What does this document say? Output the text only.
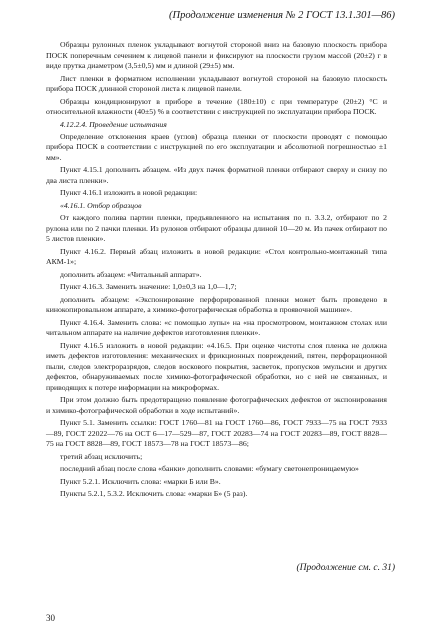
(Продолжение изменения № 2 ГОСТ 13.1.301—86)

Образцы рулонных пленок укладывают вогнутой стороной вниз на базовую плоскость прибора ПОСК поперечным сечением к лицевой панели и фиксируют на плоскости грузом массой (20±2) г в виде прутка диаметром (3,5±0,5) мм и длиной (29±5) мм.

Лист пленки в форматном исполнении укладывают вогнутой стороной на базовую плоскость прибора ПОСК длинной стороной листа к лицевой панели.

Образцы кондиционируют в приборе в течение (180±10) с при температуре (20±2) °С и относительной влажности (40±5) % в соответствии с инструкцией по эксплуатации прибора ПОСК.

4.12.2.4. Проведение испытания

Определение отклонения краев (углов) образца пленки от плоскости проводят с помощью прибора ПОСК в соответствии с инструкцией по его эксплуатации и абсолютной погрешностью ±1 мм».

Пункт 4.15.1 дополнить абзацем. «Из двух пачек форматной пленки отбирают сверху и снизу по два листа пленки».

Пункт 4.16.1 изложить в новой редакции:

«4.16.1. Отбор образцов

От каждого полива партии пленки, предъявленного на испытания по п. 3.3.2, отбирают по 2 рулона или по 2 пачки пленки. Из рулонов отбирают образцы длиной 10—20 м. Из пачек отбирают по 5 листов пленки».

Пункт 4.16.2. Первый абзац изложить в новой редакции: «Стол контрольно-монтажный типа АКМ-1»;

дополнить абзацем: «Читальный аппарат».

Пункт 4.16.3. Заменить значение: 1,0±0,3 на 1,0—1,7;

дополнить абзацем: «Экспонирование перфорированной пленки может быть проведено в кинокопировальном аппарате, а химико-фотографическая обработка в проявочной машине».

Пункт 4.16.4. Заменить слова: «с помощью лупы» на «на просмотровом, монтажном столах или читальном аппарате на наличие дефектов изготовления пленки».

Пункт 4.16.5 изложить в новой редакции: «4.16.5. При оценке чистоты слоя пленка не должна иметь дефектов изготовления: механических и фрикционных повреждений, пятен, перфорационной пыли, следов электроразрядов, следов воскового покрытия, засветок, пропусков эмульсии и других дефектов, обнаруживаемых после химико-фотографической обработки, но с ней не связанных, и приводящих к потере информации на микроформах.

При этом должно быть предотвращено появление фотографических дефектов от экспонирования и химико-фотографической обработки в ходе испытаний».

Пункт 5.1. Заменить ссылки: ГОСТ 1760—81 на ГОСТ 1760—86, ГОСТ 7933—75 на ГОСТ 7933—89, ГОСТ 22022—76 на ОСТ 6—17—529—87, ГОСТ 20283—74 на ГОСТ 20283—89, ГОСТ 8828—75 на ГОСТ 8828—89, ГОСТ 18573—78 на ГОСТ 18573—86;

третий абзац исключить;

последний абзац после слова «банки» дополнить словами: «бумагу светонепроницаемую»

Пункт 5.2.1. Исключить слова: «марки Б или В».

Пункты 5.2.1, 5.3.2. Исключить слова: «марки Б» (5 раз).

(Продолжение см. с. 31)
30
